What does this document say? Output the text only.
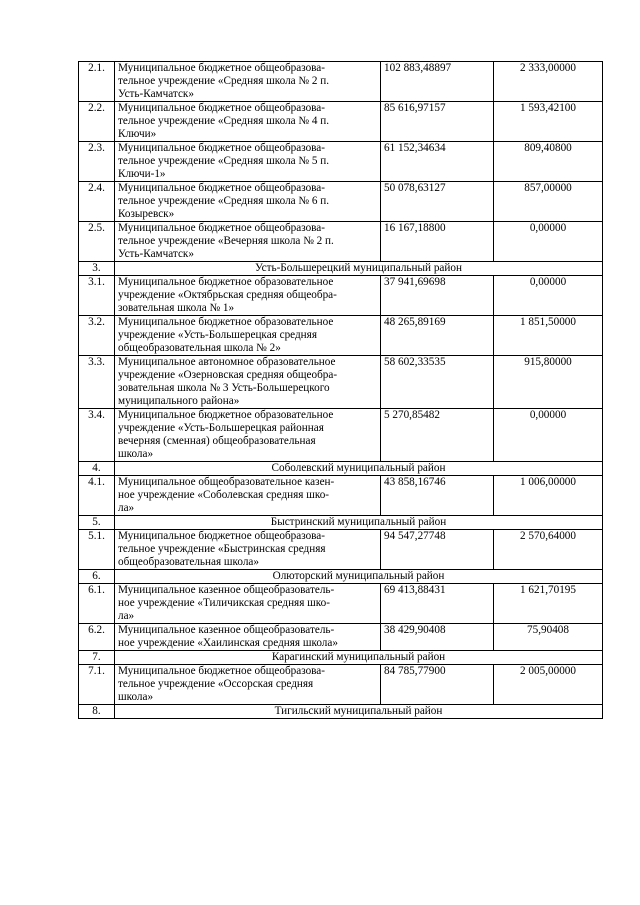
2.1.	Муниципальное бюджетное общеобразова-
тельное учреждение «Средняя школа № 2 п.
Усть-Камчатск»	102 883,48897	2 333,00000
2.2.	Муниципальное бюджетное общеобразова-
тельное учреждение «Средняя школа № 4 п.
Ключи»	85 616,97157	1 593,42100
2.3.	Муниципальное бюджетное общеобразова-
тельное учреждение «Средняя школа № 5 п.
Ключи-1»	61 152,34634	809,40800
2.4.	Муниципальное бюджетное общеобразова-
тельное учреждение «Средняя школа № 6 п.
Козыревск»	50 078,63127	857,00000
2.5.	Муниципальное бюджетное общеобразова-
тельное учреждение «Вечерняя школа № 2 п.
Усть-Камчатск»	16 167,18800	0,00000
3.	Усть-Большерецкий муниципальный район		
3.1.	Муниципальное бюджетное образовательное
учреждение «Октябрьская средняя общеобра-
зовательная школа № 1»	37 941,69698	0,00000
3.2.	Муниципальное бюджетное образовательное
учреждение «Усть-Большерецкая средняя
общеобразовательная школа № 2»	48 265,89169	1 851,50000
3.3.	Муниципальное автономное образовательное
учреждение «Озерновская средняя общеобра-
зовательная школа № 3 Усть-Большерецкого
муниципального района»	58 602,33535	915,80000
3.4.	Муниципальное бюджетное образовательное
учреждение «Усть-Большерецкая районная
вечерняя (сменная) общеобразовательная
школа»	5 270,85482	0,00000
4.	Соболевский муниципальный район		
4.1.	Муниципальное общеобразовательное казен-
ное учреждение «Соболевская средняя шко-
ла»	43 858,16746	1 006,00000
5.	Быстринский муниципальный район		
5.1.	Муниципальное бюджетное общеобразова-
тельное учреждение «Быстринская средняя
общеобразовательная школа»	94 547,27748	2 570,64000
6.	Олюторский муниципальный район		
6.1.	Муниципальное казенное общеобразователь-
ное учреждение «Тиличикская средняя шко-
ла»	69 413,88431	1 621,70195
6.2.	Муниципальное казенное общеобразователь-
ное учреждение «Хаилинская средняя школа»	38 429,90408	75,90408
7.	Карагинский муниципальный район		
7.1.	Муниципальное бюджетное общеобразова-
тельное учреждение «Оссорская средняя
школа»	84 785,77900	2 005,00000
8.	Тигильский муниципальный район		
